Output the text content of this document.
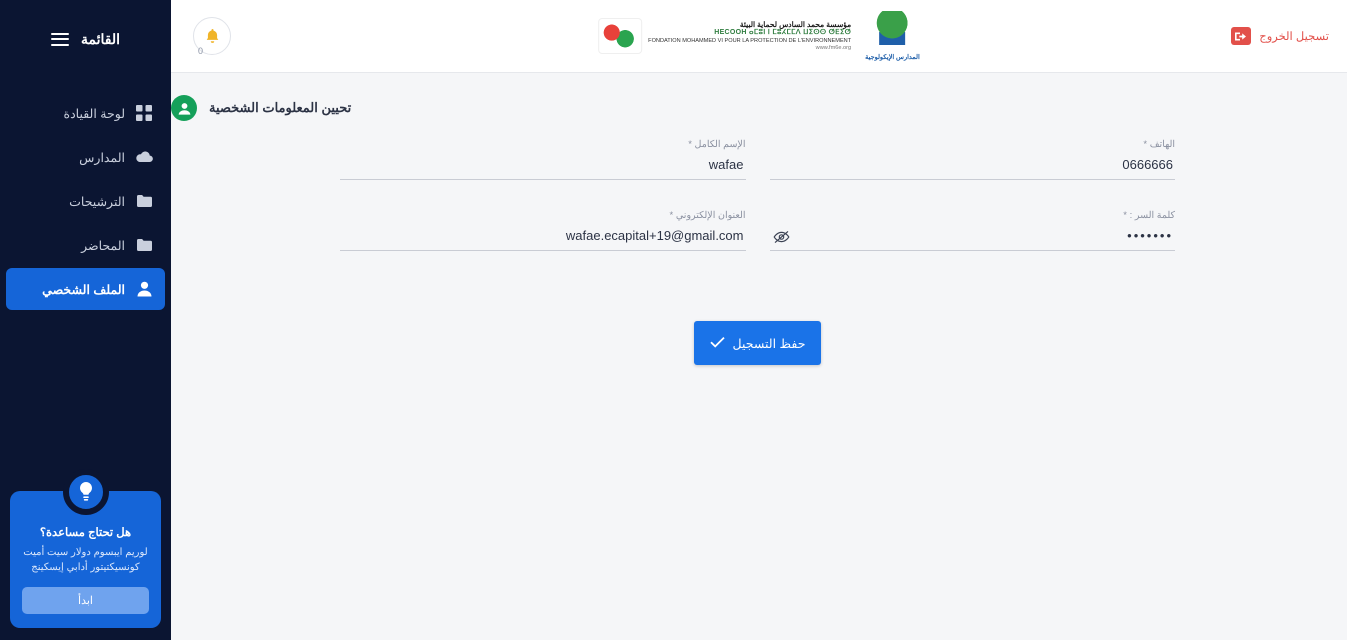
القائمة
لوحة القيادة
المدارس
الترشيحات
المحاضر
الملف الشخصي
هل تحتاج مساعدة؟
لوريم ايبسوم دولار سيت أميت كونسيكتيتور أدابي إيسكينج
ابدأ
0
مؤسسة محمد السادس لحماية البيئة
HECOOH ⴰⵎⵓⵏ ⵏ ⵎⵓⵃⵎⵎⴷ ⵡⵉⵙⵙ ⵚⴹⵉⵚ
FONDATION MOHAMMED VI POUR LA PROTECTION DE L'ENVIRONNEMENT
www.fm6e.org
المدارس الإيكولوجية
تسجيل الخروج
تحيين المعلومات الشخصية
الهاتف *
0666666
الإسم الكامل *
wafae
كلمة السر : *
•••••••
العنوان الإلكتروني *
wafae.ecapital+19@gmail.com
حفظ التسجيل
